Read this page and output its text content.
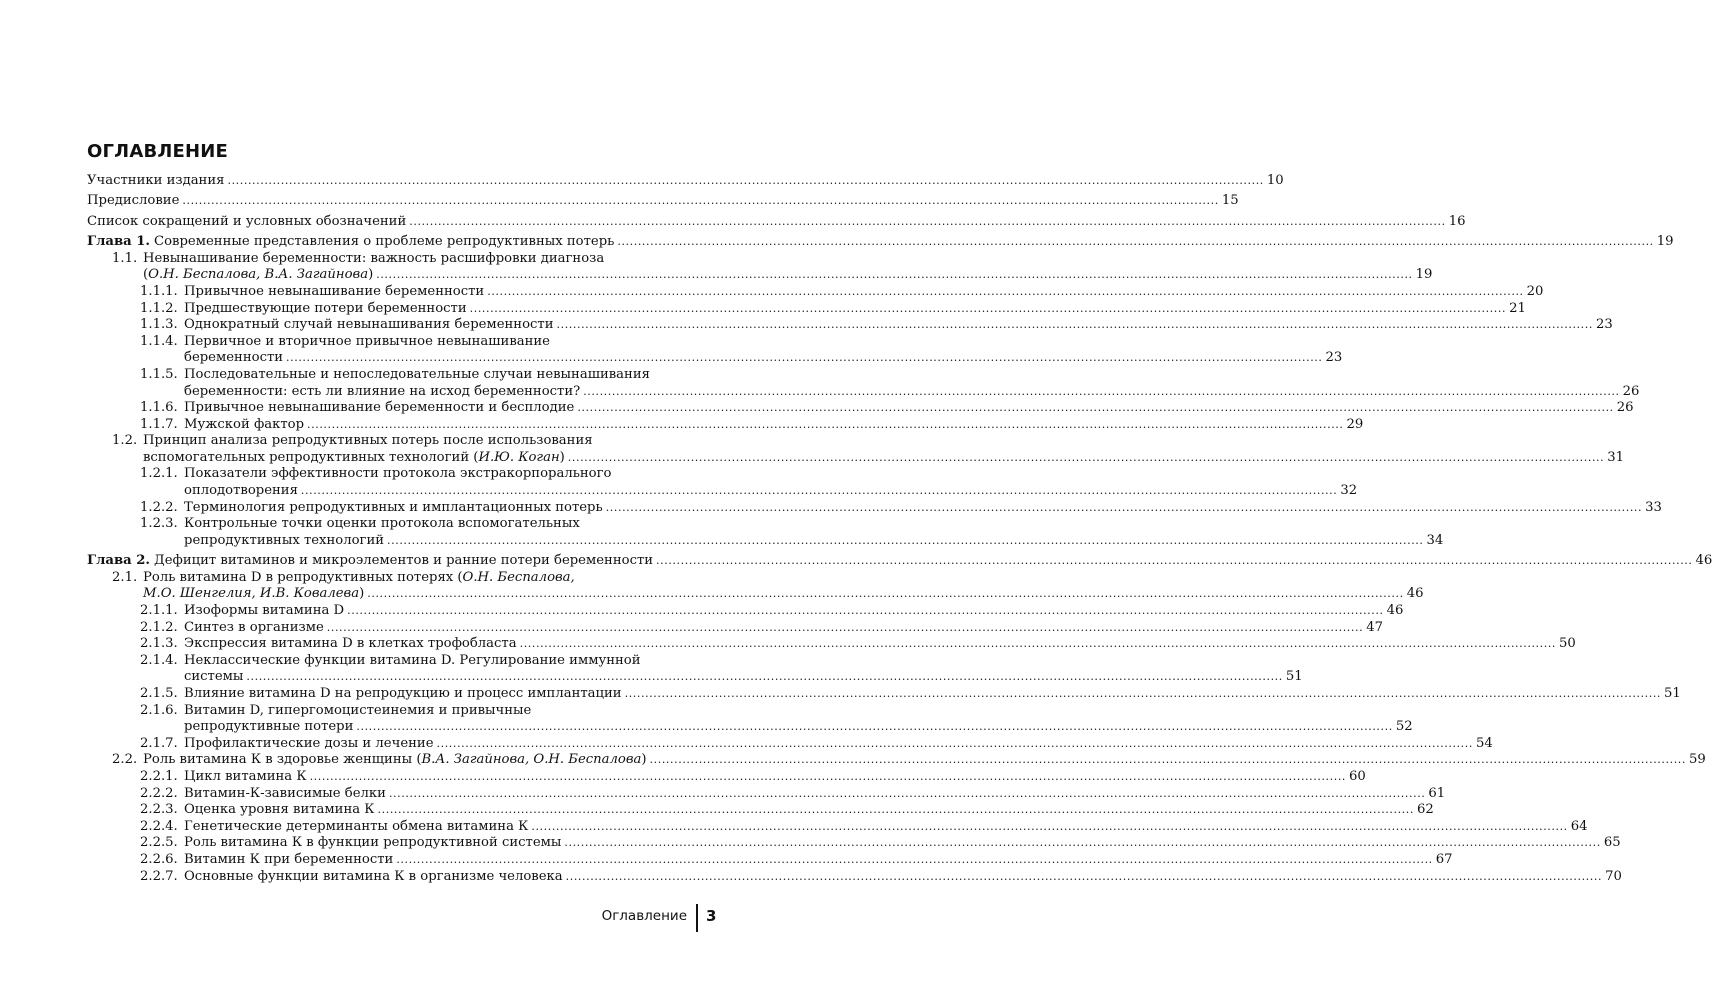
ОГЛАВЛЕНИЕ
Участники издания .....	10
Предисловие .....	15
Список сокращений и условных обозначений .....	16
Глава 1. Современные представления о проблеме репродуктивных потерь .....	19
1.1. Невынашивание беременности: важность расшифровки диагноза
(О.Н. Беспалова, В.А. Загайнова) .....	19
1.1.1. Привычное невынашивание беременности .....	20
1.1.2. Предшествующие потери беременности .....	21
1.1.3. Однократный случай невынашивания беременности .....	23
1.1.4. Первичное и вторичное привычное невынашивание
беременности .....	23
1.1.5. Последовательные и непоследовательные случаи невынашивания
беременности: есть ли влияние на исход беременности? .....	26
1.1.6. Привычное невынашивание беременности и бесплодие .....	26
1.1.7. Мужской фактор .....	29
1.2. Принцип анализа репродуктивных потерь после использования
вспомогательных репродуктивных технологий (И.Ю. Коган) .....	31
1.2.1. Показатели эффективности протокола экстракорпорального
оплодотворения .....	32
1.2.2. Терминология репродуктивных и имплантационных потерь .....	33
1.2.3. Контрольные точки оценки протокола вспомогательных
репродуктивных технологий .....	34
Глава 2. Дефицит витаминов и микроэлементов и ранние потери беременности .....	46
2.1. Роль витамина D в репродуктивных потерях (О.Н. Беспалова,
М.О. Шенгелия, И.В. Ковалева) .....	46
2.1.1. Изоформы витамина D .....	46
2.1.2. Синтез в организме .....	47
2.1.3. Экспрессия витамина D в клетках трофобласта .....	50
2.1.4. Неклассические функции витамина D. Регулирование иммунной
системы .....	51
2.1.5. Влияние витамина D на репродукцию и процесс имплантации .....	51
2.1.6. Витамин D, гипергомоцистеинемия и привычные
репродуктивные потери .....	52
2.1.7. Профилактические дозы и лечение .....	54
2.2. Роль витамина К в здоровье женщины (В.А. Загайнова, О.Н. Беспалова) .....	59
2.2.1. Цикл витамина К .....	60
2.2.2. Витамин-К-зависимые белки .....	61
2.2.3. Оценка уровня витамина К .....	62
2.2.4. Генетические детерминанты обмена витамина К .....	64
2.2.5. Роль витамина К в функции репродуктивной системы .....	65
2.2.6. Витамин К при беременности .....	67
2.2.7. Основные функции витамина К в организме человека .....	70
Оглавление 3
